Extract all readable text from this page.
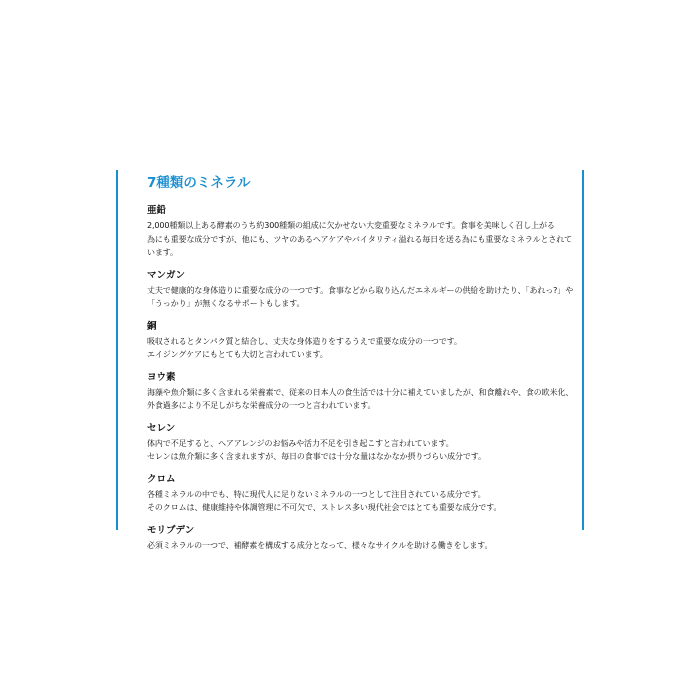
7種類のミネラル
亜鉛

2,000種類以上ある酵素のうち約300種類の組成に欠かせない大変重要なミネラルです。食事を美味しく召し上がる
為にも重要な成分ですが、他にも、ツヤのあるヘアケアやバイタリティ溢れる毎日を送る為にも重要なミネラルとされて
います。

マンガン

丈夫で健康的な身体造りに重要な成分の一つです。食事などから取り込んだエネルギーの供給を助けたり、「あれっ?」や
「うっかり」が無くなるサポートもします。

銅

吸収されるとタンパク質と結合し、丈夫な身体造りをするうえで重要な成分の一つです。
エイジングケアにもとても大切と言われています。

ヨウ素

海藻や魚介類に多く含まれる栄養素で、従来の日本人の食生活では十分に補えていましたが、和食離れや、食の欧米化、
外食過多により不足しがちな栄養成分の一つと言われています。

セレン

体内で不足すると、ヘアアレンジのお悩みや活力不足を引き起こすと言われています。
セレンは魚介類に多く含まれますが、毎日の食事では十分な量はなかなか摂りづらい成分です。

クロム

各種ミネラルの中でも、特に現代人に足りないミネラルの一つとして注目されている成分です。
そのクロムは、健康維持や体調管理に不可欠で、ストレス多い現代社会ではとても重要な成分です。

モリブデン

必須ミネラルの一つで、補酵素を構成する成分となって、様々なサイクルを助ける働きをします。
